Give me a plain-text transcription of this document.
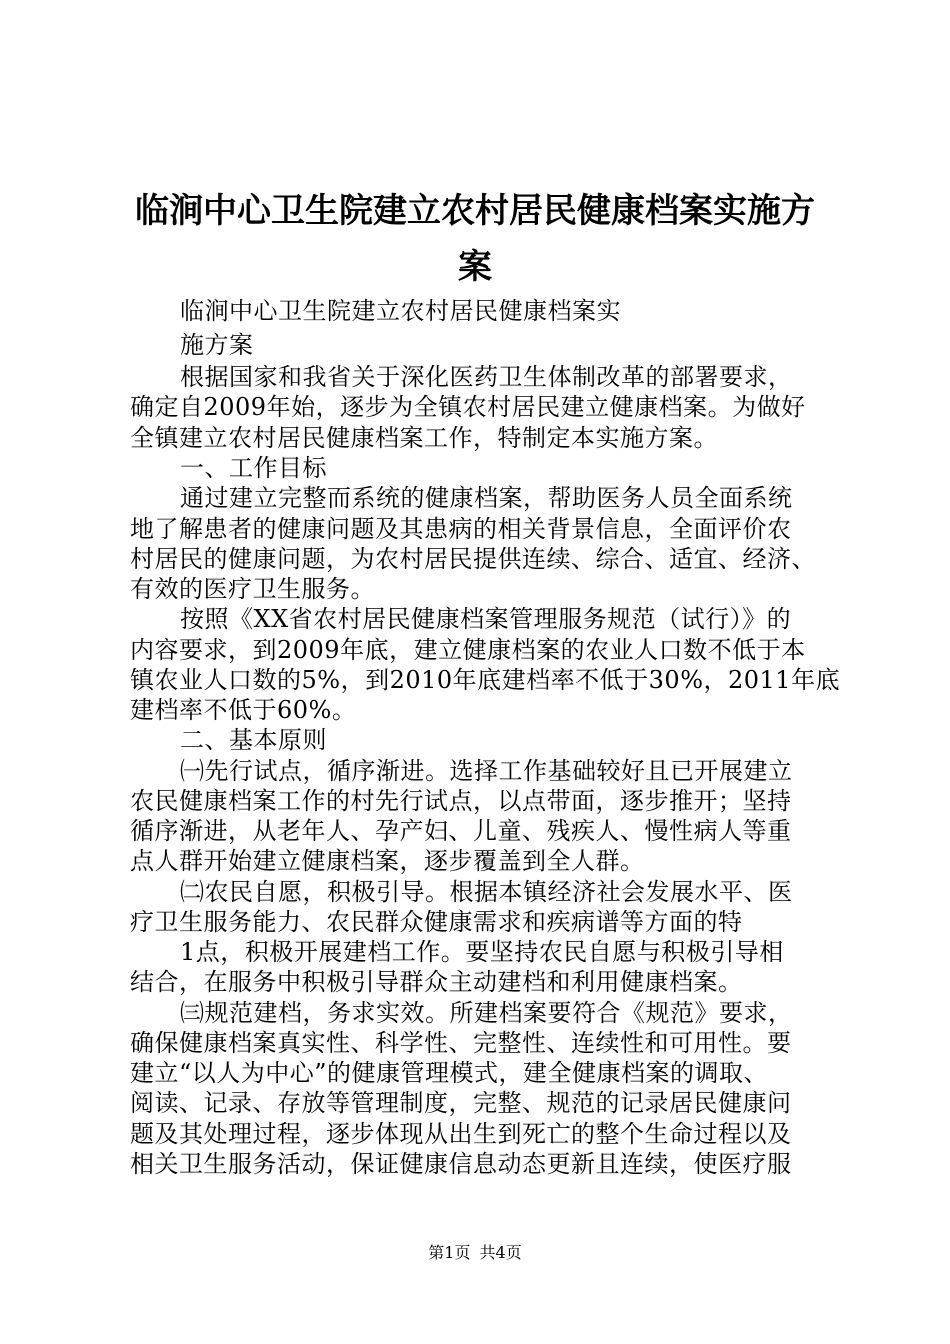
临涧中心卫生院建立农村居民健康档案实施方
案
临涧中心卫生院建立农村居民健康档案实
施方案
根据国家和我省关于深化医药卫生体制改革的部署要求，
确定自2009年始，逐步为全镇农村居民建立健康档案。为做好
全镇建立农村居民健康档案工作，特制定本实施方案。
一、工作目标
通过建立完整而系统的健康档案，帮助医务人员全面系统
地了解患者的健康问题及其患病的相关背景信息，全面评价农
村居民的健康问题，为农村居民提供连续、综合、适宜、经济、
有效的医疗卫生服务。
按照《XX省农村居民健康档案管理服务规范（试行）》的
内容要求，到2009年底，建立健康档案的农业人口数不低于本
镇农业人口数的5%，到2010年底建档率不低于30%，2011年底
建档率不低于60%。
二、基本原则
㈠先行试点，循序渐进。选择工作基础较好且已开展建立
农民健康档案工作的村先行试点，以点带面，逐步推开；坚持
循序渐进，从老年人、孕产妇、儿童、残疾人、慢性病人等重
点人群开始建立健康档案，逐步覆盖到全人群。
㈡农民自愿，积极引导。根据本镇经济社会发展水平、医
疗卫生服务能力、农民群众健康需求和疾病谱等方面的特
1点，积极开展建档工作。要坚持农民自愿与积极引导相
结合，在服务中积极引导群众主动建档和利用健康档案。
㈢规范建档，务求实效。所建档案要符合《规范》要求，
确保健康档案真实性、科学性、完整性、连续性和可用性。要
建立“以人为中心”的健康管理模式，建全健康档案的调取、
阅读、记录、存放等管理制度，完整、规范的记录居民健康问
题及其处理过程，逐步体现从出生到死亡的整个生命过程以及
相关卫生服务活动，保证健康信息动态更新且连续，使医疗服
第1页 共4页
